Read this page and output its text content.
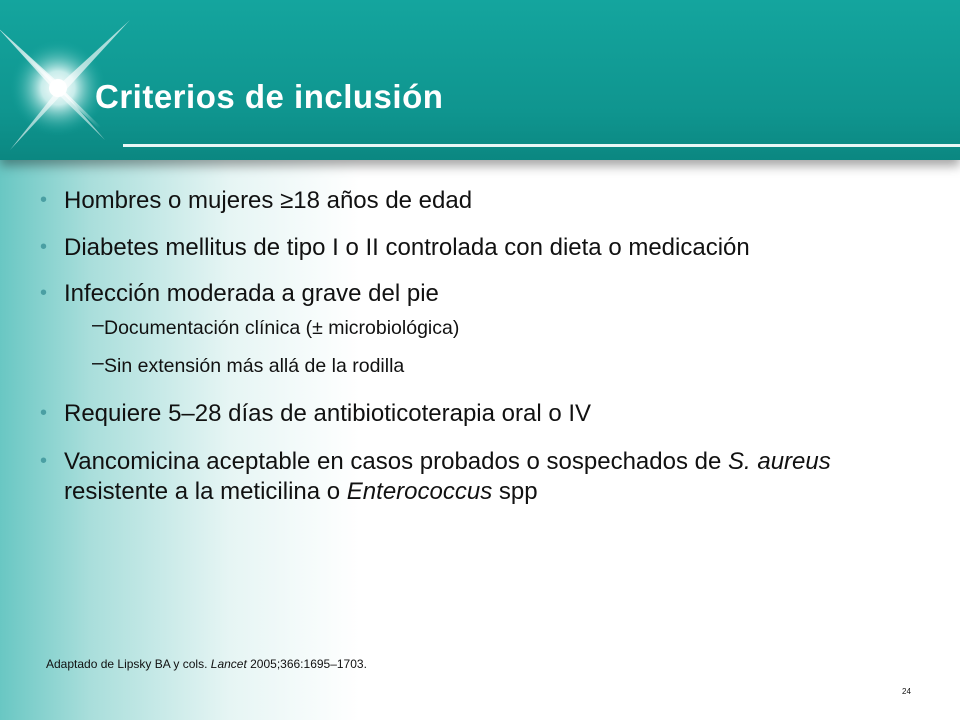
Criterios de inclusión

• Hombres o mujeres ≥18 años de edad

• Diabetes mellitus de tipo I o II controlada con dieta o medicación

• Infección moderada a grave del pie

– Documentación clínica (± microbiológica)

– Sin extensión más allá de la rodilla

• Requiere 5–28 días de antibioticoterapia oral o IV

• Vancomicina aceptable en casos probados o sospechados de S. aureus resistente a la meticilina o Enterococcus spp

Adaptado de Lipsky BA y cols. Lancet 2005;366:1695–1703.

24
